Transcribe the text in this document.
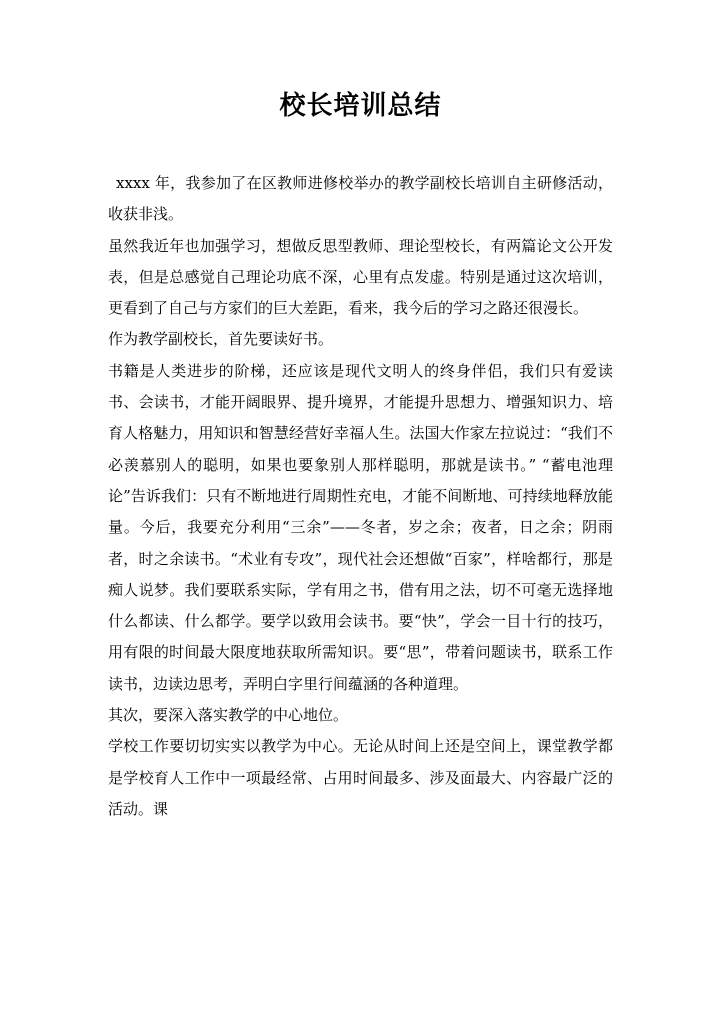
校长培训总结

xxxx 年，我参加了在区教师进修校举办的教学副校长培训自主研修活动，收获非浅。

虽然我近年也加强学习，想做反思型教师、理论型校长，有两篇论文公开发表，但是总感觉自己理论功底不深，心里有点发虚。特别是通过这次培训，更看到了自己与方家们的巨大差距，看来，我今后的学习之路还很漫长。

作为教学副校长，首先要读好书。

书籍是人类进步的阶梯，还应该是现代文明人的终身伴侣，我们只有爱读书、会读书，才能开阔眼界、提升境界，才能提升思想力、增强知识力、培育人格魅力，用知识和智慧经营好幸福人生。法国大作家左拉说过：“我们不必羡慕别人的聪明，如果也要象别人那样聪明，那就是读书。” “蓄电池理论”告诉我们：只有不断地进行周期性充电，才能不间断地、可持续地释放能量。今后，我要充分利用“三余”——冬者，岁之余；夜者，日之余；阴雨者，时之余读书。“术业有专攻”，现代社会还想做“百家”，样啥都行，那是痴人说梦。我们要联系实际，学有用之书，借有用之法，切不可毫无选择地什么都读、什么都学。要学以致用会读书。要“快”，学会一目十行的技巧，用有限的时间最大限度地获取所需知识。要“思”，带着问题读书，联系工作读书，边读边思考，弄明白字里行间蕴涵的各种道理。

其次，要深入落实教学的中心地位。

学校工作要切切实实以教学为中心。无论从时间上还是空间上，课堂教学都是学校育人工作中一项最经常、占用时间最多、涉及面最大、内容最广泛的活动。课
